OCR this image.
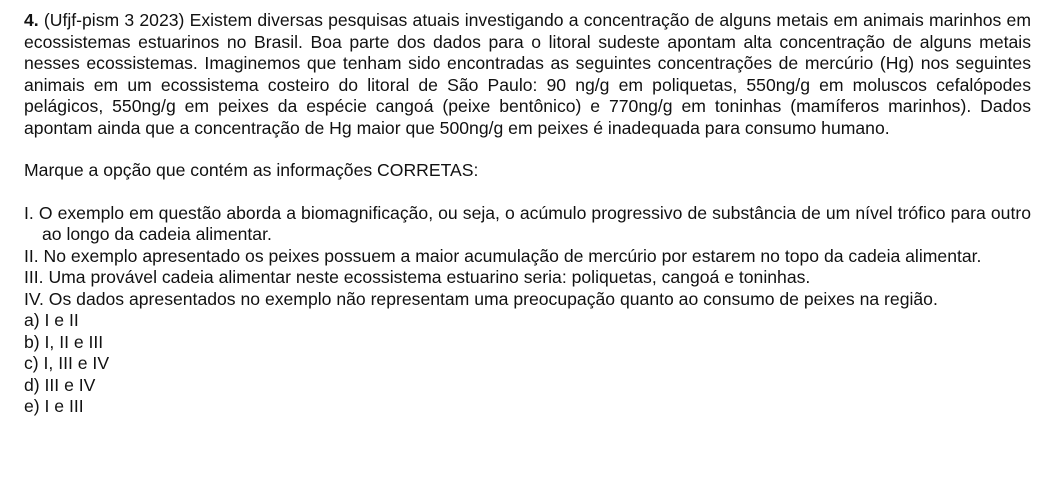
4. (Ufjf-pism 3 2023) Existem diversas pesquisas atuais investigando a concentração de alguns metais em animais marinhos em ecossistemas estuarinos no Brasil. Boa parte dos dados para o litoral sudeste apontam alta concentração de alguns metais nesses ecossistemas. Imaginemos que tenham sido encontradas as seguintes concentrações de mercúrio (Hg) nos seguintes animais em um ecossistema costeiro do litoral de São Paulo: 90 ng/g em poliquetas, 550ng/g em moluscos cefalópodes pelágicos, 550ng/g em peixes da espécie cangoá (peixe bentônico) e 770ng/g em toninhas (mamíferos marinhos). Dados apontam ainda que a concentração de Hg maior que 500ng/g em peixes é inadequada para consumo humano.

Marque a opção que contém as informações CORRETAS:

I. O exemplo em questão aborda a biomagnificação, ou seja, o acúmulo progressivo de substância de um nível trófico para outro ao longo da cadeia alimentar.

II. No exemplo apresentado os peixes possuem a maior acumulação de mercúrio por estarem no topo da cadeia alimentar.

III. Uma provável cadeia alimentar neste ecossistema estuarino seria: poliquetas, cangoá e toninhas.

IV. Os dados apresentados no exemplo não representam uma preocupação quanto ao consumo de peixes na região.

a) I e II
b) I, II e III
c) I, III e IV
d) III e IV
e) I e III
